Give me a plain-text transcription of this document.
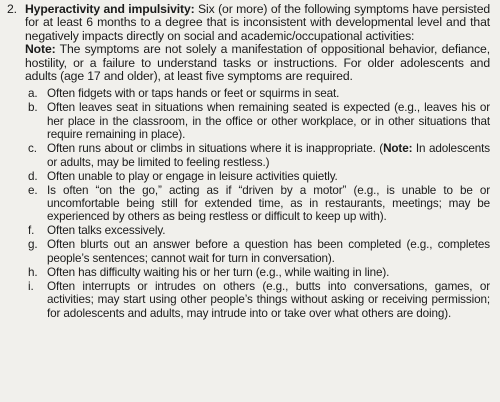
2. Hyperactivity and impulsivity: Six (or more) of the following symptoms have persisted for at least 6 months to a degree that is inconsistent with developmental level and that negatively impacts directly on social and academic/occupational activities:
Note: The symptoms are not solely a manifestation of oppositional behavior, defiance, hostility, or a failure to understand tasks or instructions. For older adolescents and adults (age 17 and older), at least five symptoms are required.

a. Often fidgets with or taps hands or feet or squirms in seat.
b. Often leaves seat in situations when remaining seated is expected (e.g., leaves his or her place in the classroom, in the office or other workplace, or in other situations that require remaining in place).
c. Often runs about or climbs in situations where it is inappropriate. (Note: In adolescents or adults, may be limited to feeling restless.)
d. Often unable to play or engage in leisure activities quietly.
e. Is often “on the go,” acting as if “driven by a motor” (e.g., is unable to be or uncomfortable being still for extended time, as in restaurants, meetings; may be experienced by others as being restless or difficult to keep up with).
f.	Often talks excessively.
g. Often blurts out an answer before a question has been completed (e.g., completes people’s sentences; cannot wait for turn in conversation).
h. Often has difficulty waiting his or her turn (e.g., while waiting in line).
i.	Often interrupts or intrudes on others (e.g., butts into conversations, games, or activities; may start using other people’s things without asking or receiving permission; for adolescents and adults, may intrude into or take over what others are doing).
